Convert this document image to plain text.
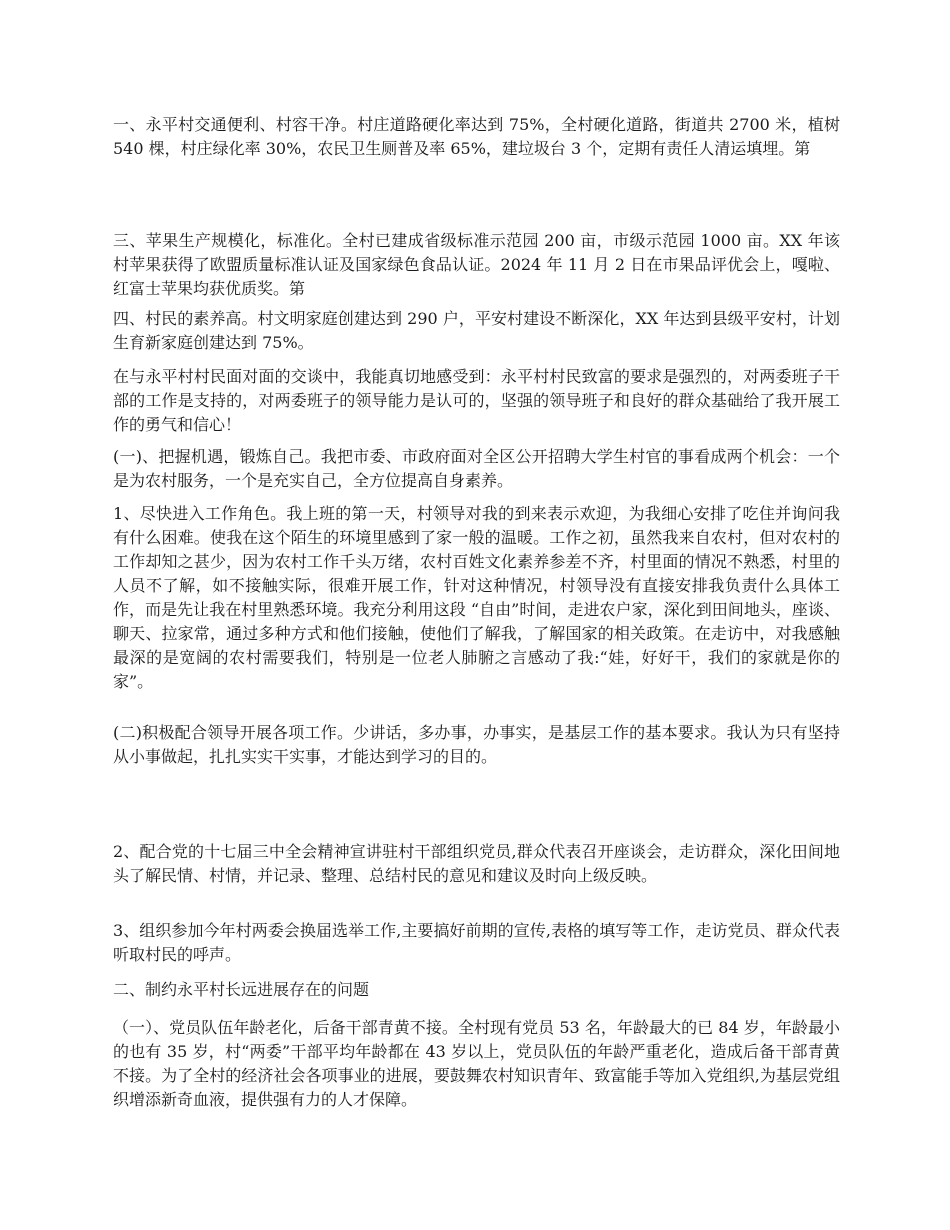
一、永平村交通便利、村容干净。村庄道路硬化率达到 75%，全村硬化道路，街道共 2700 米，植树 540 棵，村庄绿化率 30%，农民卫生厕普及率 65%，建垃圾台 3 个，定期有责任人清运填埋。第

三、苹果生产规模化，标准化。全村已建成省级标准示范园 200 亩，市级示范园 1000 亩。XX 年该村苹果获得了欧盟质量标准认证及国家绿色食品认证。2024 年 11 月 2 日在市果品评优会上，嘎啦、红富士苹果均获优质奖。第

四、村民的素养高。村文明家庭创建达到 290 户，平安村建设不断深化，XX 年达到县级平安村，计划生育新家庭创建达到 75%。

在与永平村村民面对面的交谈中，我能真切地感受到：永平村村民致富的要求是强烈的，对两委班子干部的工作是支持的，对两委班子的领导能力是认可的，坚强的领导班子和良好的群众基础给了我开展工作的勇气和信心！

(一)、把握机遇，锻炼自己。我把市委、市政府面对全区公开招聘大学生村官的事看成两个机会：一个是为农村服务，一个是充实自己，全方位提高自身素养。

1、尽快进入工作角色。我上班的第一天，村领导对我的到来表示欢迎，为我细心安排了吃住并询问我有什么困难。使我在这个陌生的环境里感到了家一般的温暖。工作之初，虽然我来自农村，但对农村的工作却知之甚少，因为农村工作千头万绪，农村百姓文化素养参差不齐，村里面的情况不熟悉，村里的人员不了解，如不接触实际，很难开展工作，针对这种情况，村领导没有直接安排我负责什么具体工作，而是先让我在村里熟悉环境。我充分利用这段 “自由”时间，走进农户家，深化到田间地头，座谈、聊天、拉家常，通过多种方式和他们接触，使他们了解我，了解国家的相关政策。在走访中，对我感触最深的是宽阔的农村需要我们，特别是一位老人肺腑之言感动了我:“娃，好好干，我们的家就是你的家”。

(二)积极配合领导开展各项工作。少讲话，多办事，办事实，是基层工作的基本要求。我认为只有坚持从小事做起，扎扎实实干实事，才能达到学习的目的。

2、配合党的十七届三中全会精神宣讲驻村干部组织党员,群众代表召开座谈会，走访群众，深化田间地头了解民情、村情，并记录、整理、总结村民的意见和建议及时向上级反映。

3、组织参加今年村两委会换届选举工作,主要搞好前期的宣传,表格的填写等工作，走访党员、群众代表听取村民的呼声。

二、制约永平村长远进展存在的问题

（一）、党员队伍年龄老化，后备干部青黄不接。全村现有党员 53 名，年龄最大的已 84 岁，年龄最小的也有 35 岁，村“两委”干部平均年龄都在 43 岁以上，党员队伍的年龄严重老化，造成后备干部青黄不接。为了全村的经济社会各项事业的进展，要鼓舞农村知识青年、致富能手等加入党组织,为基层党组织增添新奇血液，提供强有力的人才保障。
